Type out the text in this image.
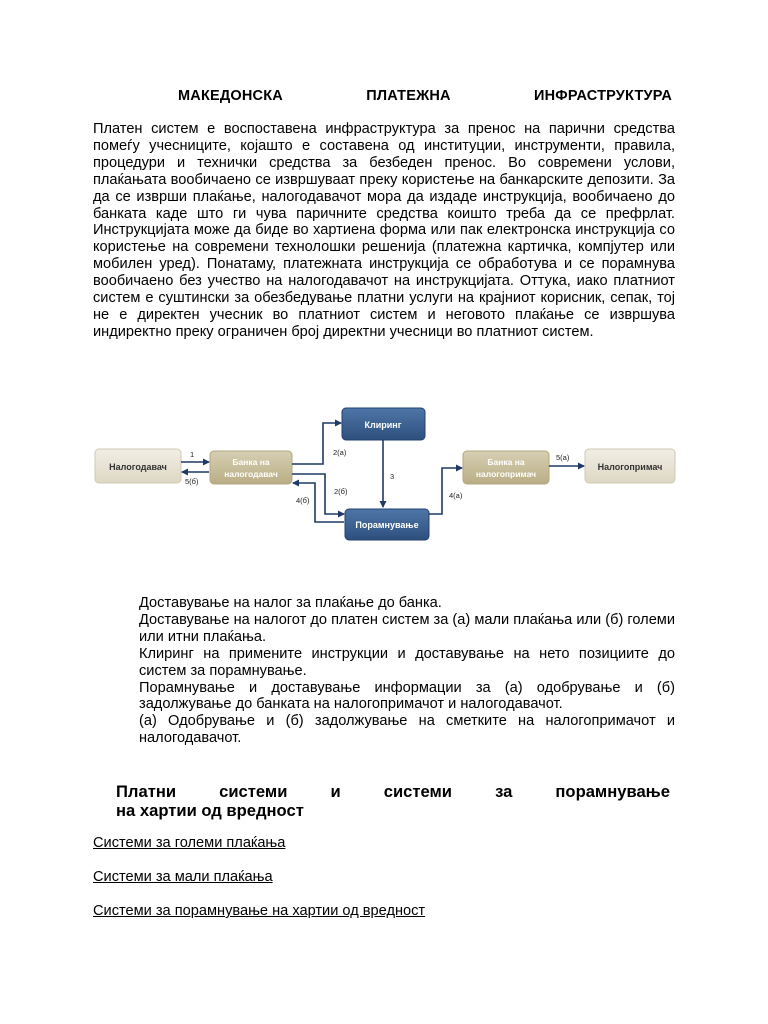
МАКЕДОНСКА	ПЛАТЕЖНА	ИНФРАСТРУКТУРА

Платен систем е воспоставена инфраструктура за пренос на парични средства помеѓу учесниците, којашто е составена од институции, инструменти, правила, процедури и технички средства за безбеден пренос. Во современи услови, плаќањата вообичаено се извршуваат преку користење на банкарските депозити. За да се изврши плаќање, налогодавачот мора да издаде инструкција, вообичаено до банката каде што ги чува паричните средства коишто треба да се префрлат. Инструкцијата може да биде во хартиена форма или пак електронска инструкција со користење на современи технолошки решенија (платежна картичка, компјутер или мобилен уред). Понатаму, платежната инструкција се обработува и се порамнува вообичаено без учество на налогодавачот на инструкцијата. Оттука, иако платниот систем е суштински за обезбедување платни услуги на крајниот корисник, сепак, тој не е директен учесник во платниот систем и неговото плаќање се извршува индиректно преку ограничен број директни учесници во платниот систем.

Налогодавач	Банка на
налогодавач
Клиринг
Порамнување
Банка на
налогопримач
Налогопримач
1
5(б)
2(а)
2(б)
4(б)
3
4(а)
5(а)
Доставување на налог за плаќање до банка.
Доставување на налогот до платен систем за (а) мали плаќања или (б) големи или итни плаќања.
Клиринг на примените инструкции и доставување на нето позициите до систем за порамнување.
Порамнување и доставување информации за (а) одобрување и (б) задолжување до банката на налогопримачот и налогодавачот.
(а) Одобрување и (б) задолжување на сметките на налогопримачот и налогодавачот.
Платни	системи	и	системи	за	порамнување
на хартии од вредност
Системи за големи плаќања
Системи за мали плаќања
Системи за порамнување на хартии од вредност
